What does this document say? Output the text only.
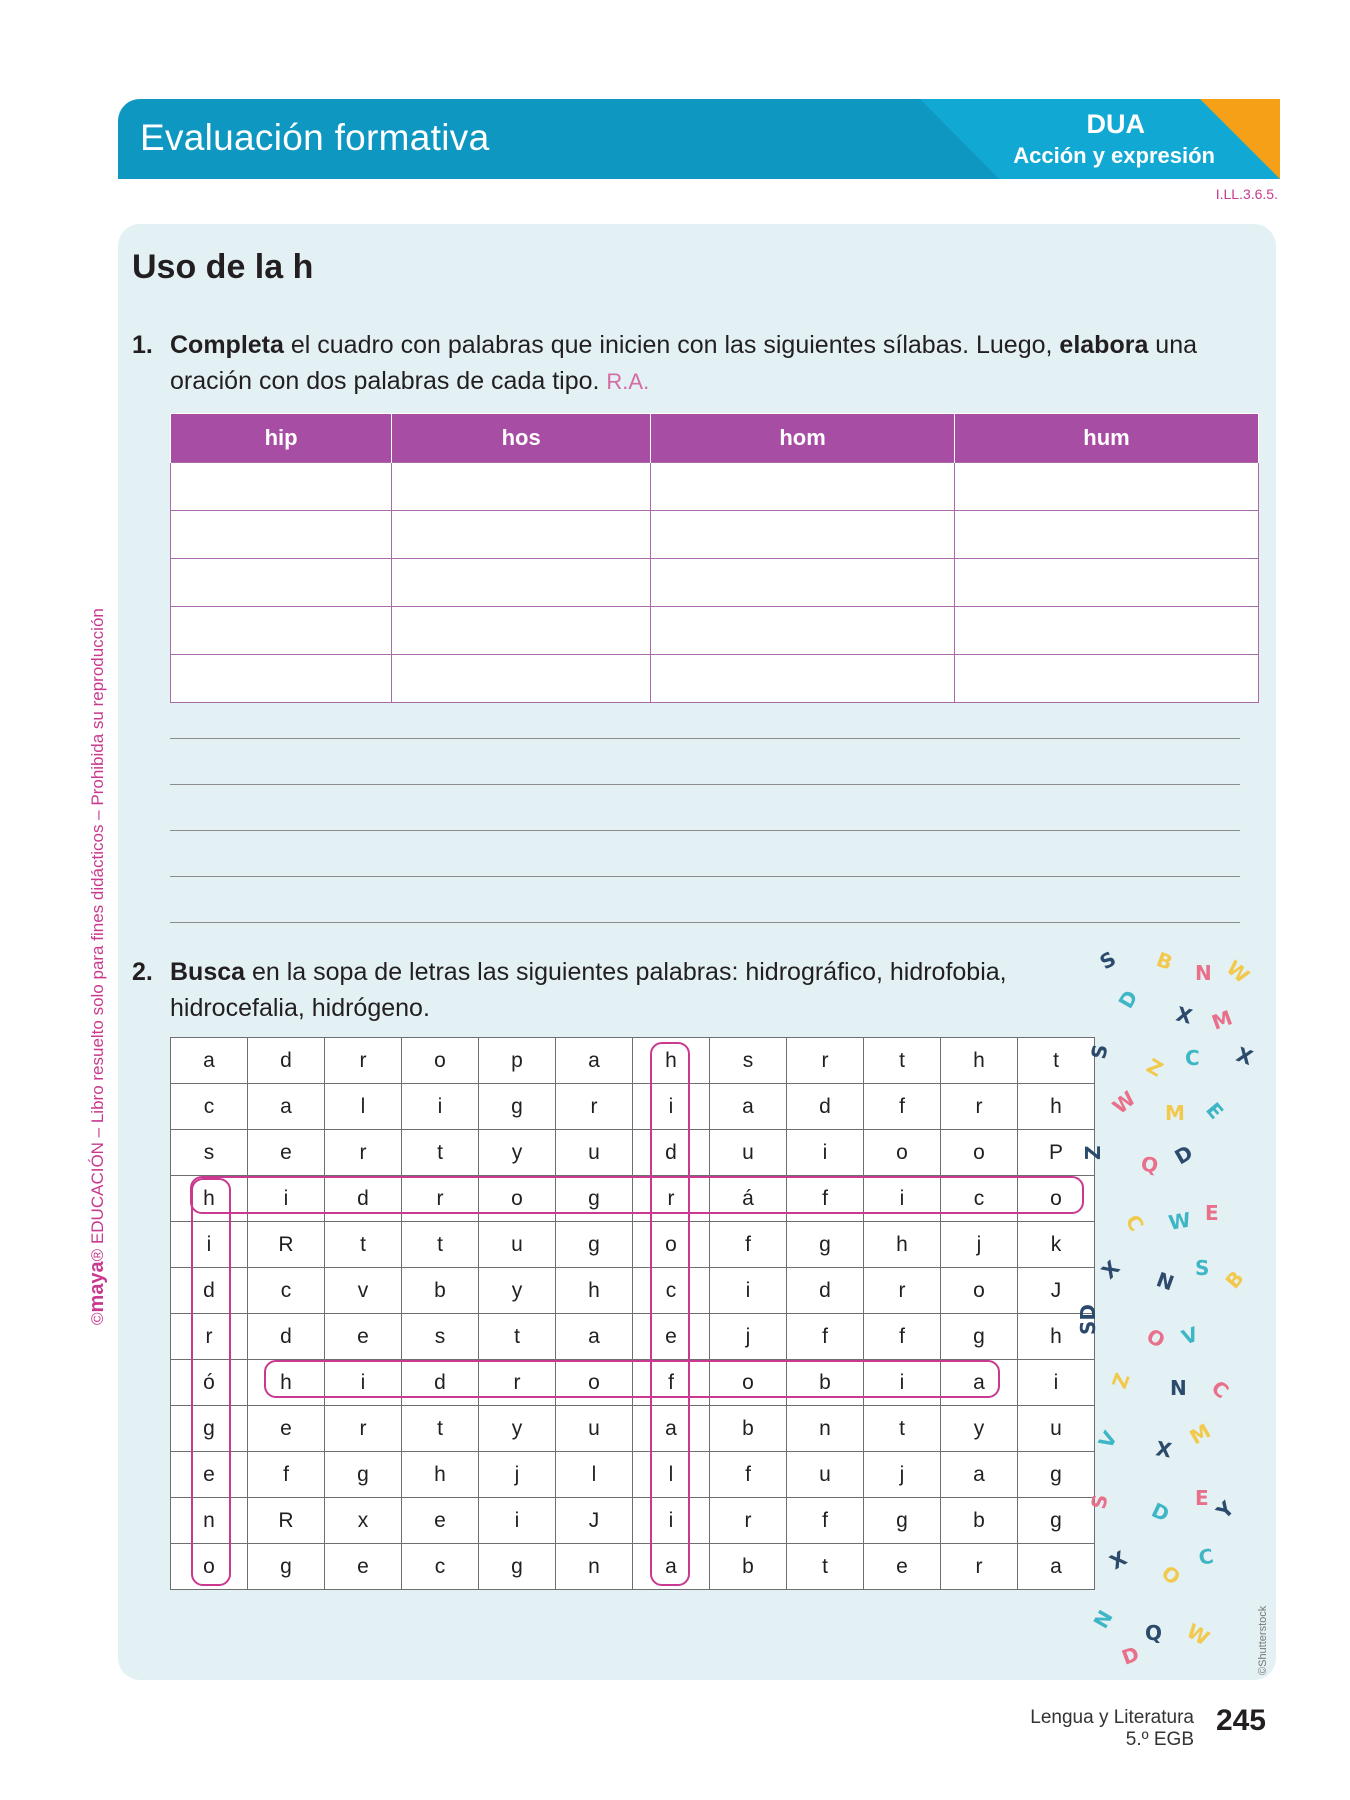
Evaluación formativa	DUA
Acción y expresión
I.LL.3.6.5.
©maya® EDUCACIÓN – Libro resuelto solo para fines didácticos – Prohibida su reproducción
Uso de la h
1. Completa el cuadro con palabras que inicien con las siguientes sílabas. Luego, elabora una oración con dos palabras de cada tipo. R.A.
hip	hos	hom	hum

2. Busca en la sopa de letras las siguientes palabras: hidrográfico, hidrofobia, hidrocefalia, hidrógeno.
a	d	r	o	p	a	h	s	r	t	h	t
c	a	l	i	g	r	i	a	d	f	r	h
s	e	r	t	y	u	d	u	i	o	o	P
h	i	d	r	o	g	r	á	f	i	c	o
i	R	t	t	u	g	o	f	g	h	j	k
d	c	v	b	y	h	c	i	d	r	o	J
r	d	e	s	t	a	e	j	f	f	g	h
ó	h	i	d	r	o	f	o	b	i	a	i
g	e	r	t	y	u	a	b	n	t	y	u
e	f	g	h	j	l	l	f	u	j	a	g
n	R	x	e	i	J	i	r	f	g	b	g
o	g	e	c	g	n	a	b	t	e	r	a
S B N W
D
X M
S
Z C X
W M E
Z Q D
C W E
X N S B
SD
O V
Z N C
V X
M
S D E Y
X
O
C
N
Q W
D	©Shutterstock
Lengua y Literatura
5.º EGB
245
